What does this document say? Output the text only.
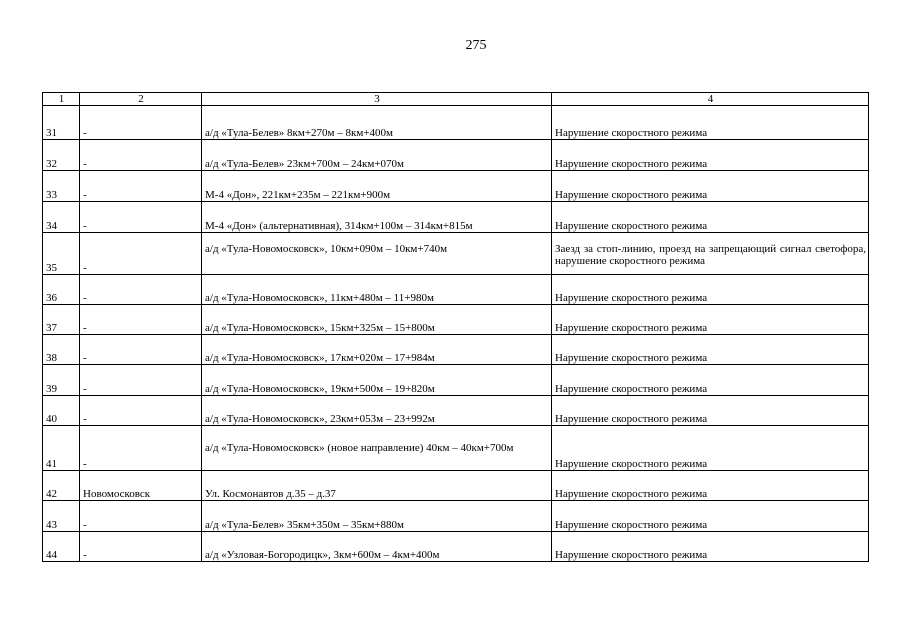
275
1	2	3	4
31	-	а/д «Тула-Белев» 8км+270м – 8км+400м	Нарушение скоростного режима
32	-	а/д «Тула-Белев» 23км+700м – 24км+070м	Нарушение скоростного режима
33	-	М-4 «Дон», 221км+235м – 221км+900м	Нарушение скоростного режима
34	-	М-4 «Дон» (альтернативная), 314км+100м – 314км+815м	Нарушение скоростного режима
35	-	а/д «Тула-Новомосковск», 10км+090м – 10км+740м	Заезд за стоп-линию, проезд на запрещающий сигнал светофора, нарушение скоростного режима
36	-	а/д «Тула-Новомосковск», 11км+480м – 11+980м	Нарушение скоростного режима
37	-	а/д «Тула-Новомосковск», 15км+325м – 15+800м	Нарушение скоростного режима
38	-	а/д «Тула-Новомосковск», 17км+020м – 17+984м	Нарушение скоростного режима
39	-	а/д «Тула-Новомосковск», 19км+500м – 19+820м	Нарушение скоростного режима
40	-	а/д «Тула-Новомосковск», 23км+053м – 23+992м	Нарушение скоростного режима
41	-	а/д «Тула-Новомосковск» (новое направление) 40км – 40км+700м	Нарушение скоростного режима
42	Новомосковск	Ул. Космонавтов д.35 – д.37	Нарушение скоростного режима
43	-	а/д «Тула-Белев» 35км+350м – 35км+880м	Нарушение скоростного режима
44	-	а/д «Узловая-Богородицк», 3км+600м – 4км+400м	Нарушение скоростного режима
